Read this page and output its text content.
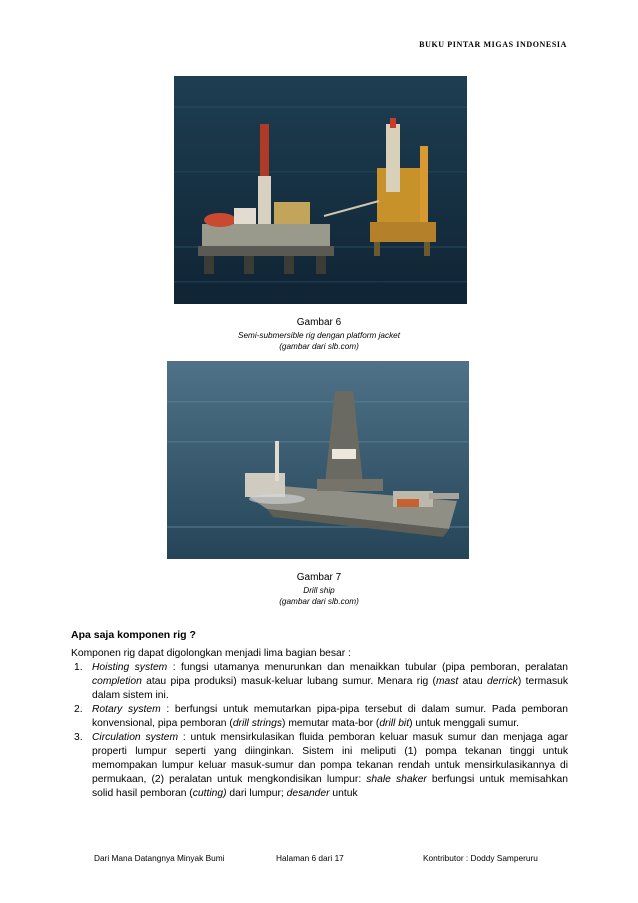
BUKU PINTAR MIGAS INDONESIA
Gambar 6
Semi-submersible rig dengan platform jacket
(gambar dari slb.com)
Gambar 7
Drill ship
(gambar dari slb.com)
Apa saja komponen rig ?
Komponen rig dapat digolongkan menjadi lima bagian besar :
1. Hoisting system : fungsi utamanya menurunkan dan menaikkan tubular (pipa pemboran, peralatan completion atau pipa produksi) masuk-keluar lubang sumur. Menara rig (mast atau derrick) termasuk dalam sistem ini.
2. Rotary system : berfungsi untuk memutarkan pipa-pipa tersebut di dalam sumur. Pada pemboran konvensional, pipa pemboran (drill strings) memutar mata-bor (drill bit) untuk menggali sumur.
3. Circulation system : untuk mensirkulasikan fluida pemboran keluar masuk sumur dan menjaga agar properti lumpur seperti yang diinginkan. Sistem ini meliputi (1) pompa tekanan tinggi untuk memompakan lumpur keluar masuk-sumur dan pompa tekanan rendah untuk mensirkulasikannya di permukaan, (2) peralatan untuk mengkondisikan lumpur: shale shaker berfungsi untuk memisahkan solid hasil pemboran (cutting) dari lumpur; desander untuk
Dari Mana Datangnya Minyak Bumi	Halaman 6 dari 17	Kontributor : Doddy Samperuru
